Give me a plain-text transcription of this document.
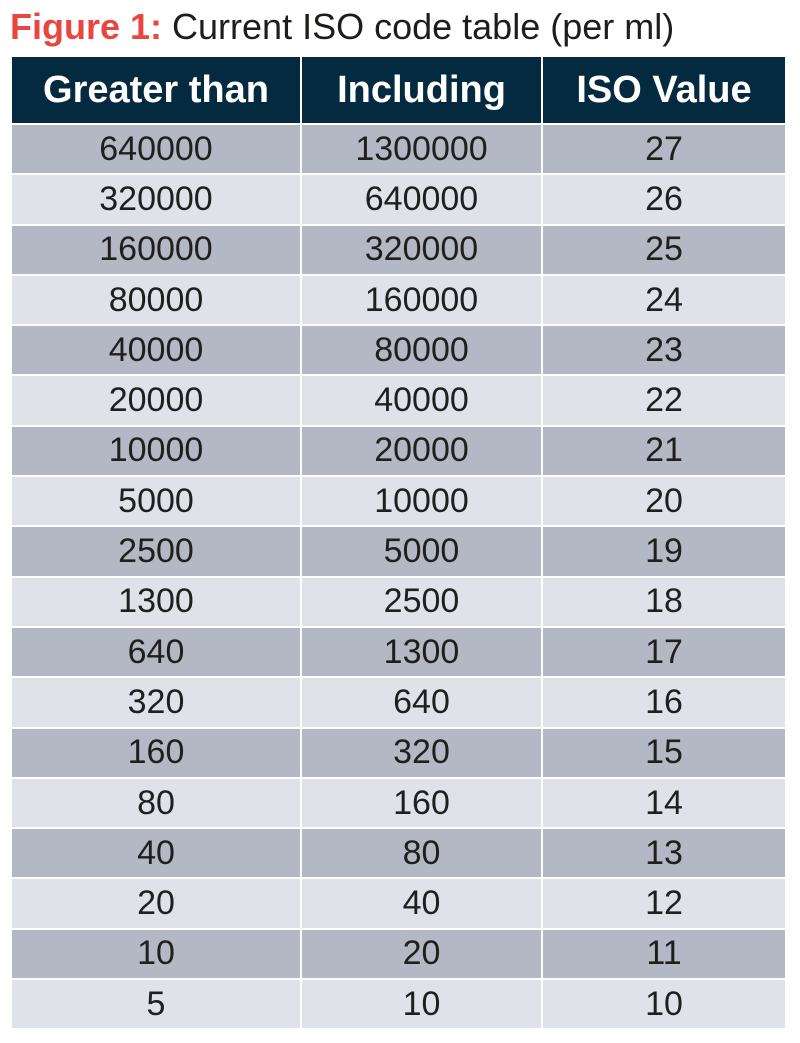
Figure 1: Current ISO code table (per ml)
Greater than	Including	ISO Value
640000	1300000	27
320000	640000	26
160000	320000	25
80000	160000	24
40000	80000	23
20000	40000	22
10000	20000	21
5000	10000	20
2500	5000	19
1300	2500	18
640	1300	17
320	640	16
160	320	15
80	160	14
40	80	13
20	40	12
10	20	11
5	10	10
